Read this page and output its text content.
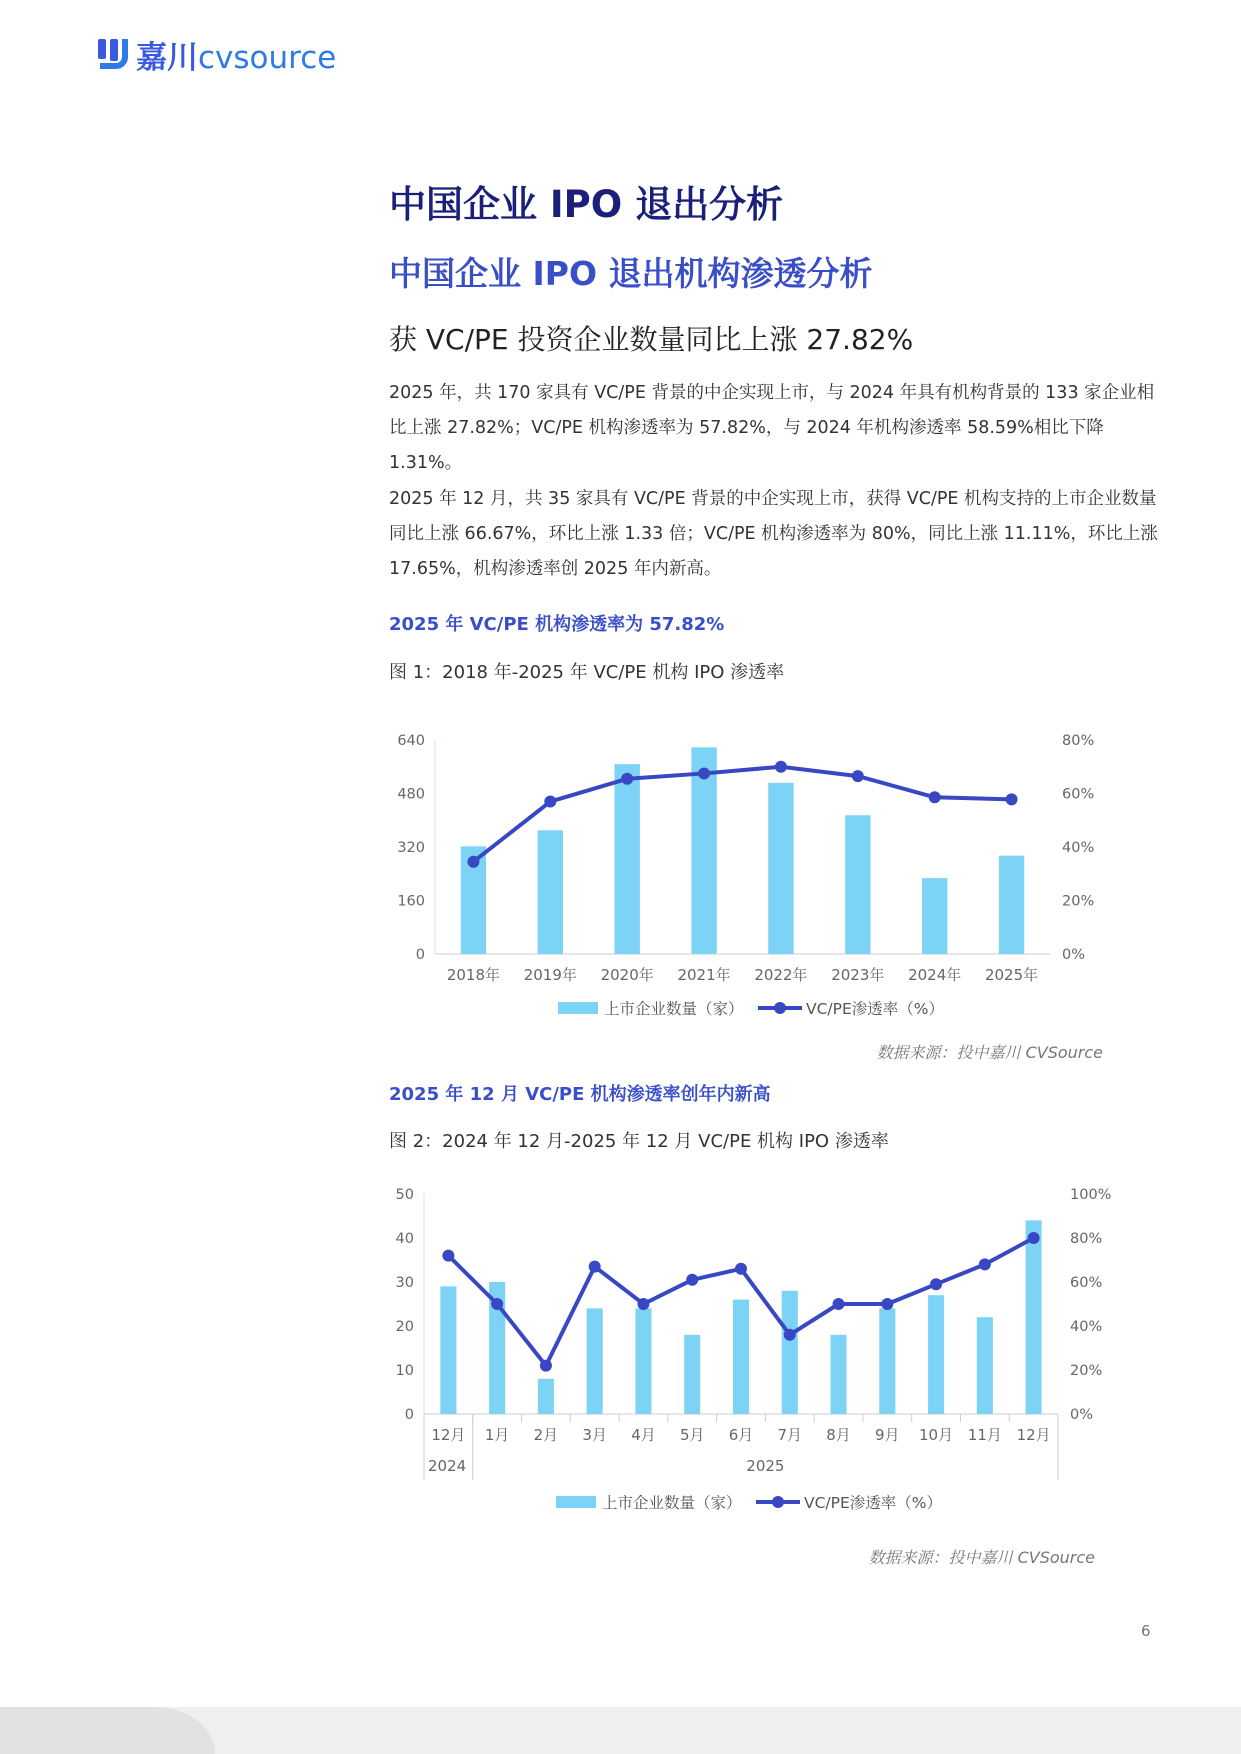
嘉川cvsource
中国企业 IPO 退出分析
中国企业 IPO 退出机构渗透分析
获 VC/PE 投资企业数量同比上涨 27.82%

2025 年，共 170 家具有 VC/PE 背景的中企实现上市，与 2024 年具有机构背景的 133 家企业相比上涨 27.82%；VC/PE 机构渗透率为 57.82%，与 2024 年机构渗透率 58.59%相比下降 1.31%。

2025 年 12 月，共 35 家具有 VC/PE 背景的中企实现上市，获得 VC/PE 机构支持的上市企业数量同比上涨 66.67%，环比上涨 1.33 倍；VC/PE 机构渗透率为 80%，同比上涨 11.11%，环比上涨 17.65%，机构渗透率创 2025 年内新高。

2025 年 VC/PE 机构渗透率为 57.82%

图 1：2018 年-2025 年 VC/PE 机构 IPO 渗透率

0
160
320
480
640
0%
20%
40%
60%
80%
2018年 2019年 2020年 2021年 2022年 2023年 2024年 2025年
上市企业数量（家）	VC/PE渗透率（%）

数据来源：投中嘉川 CVSource

2025 年 12 月 VC/PE 机构渗透率创年内新高

图 2：2024 年 12 月-2025 年 12 月 VC/PE 机构 IPO 渗透率

0
10
20
30
40
50
0%
20%
40%
60%
80%
100%
12月 1月 2月 3月 4月 5月 6月 7月 8月 9月 10月 11月 12月
2024	2025
上市企业数量（家）	VC/PE渗透率（%）

数据来源：投中嘉川 CVSource

6
